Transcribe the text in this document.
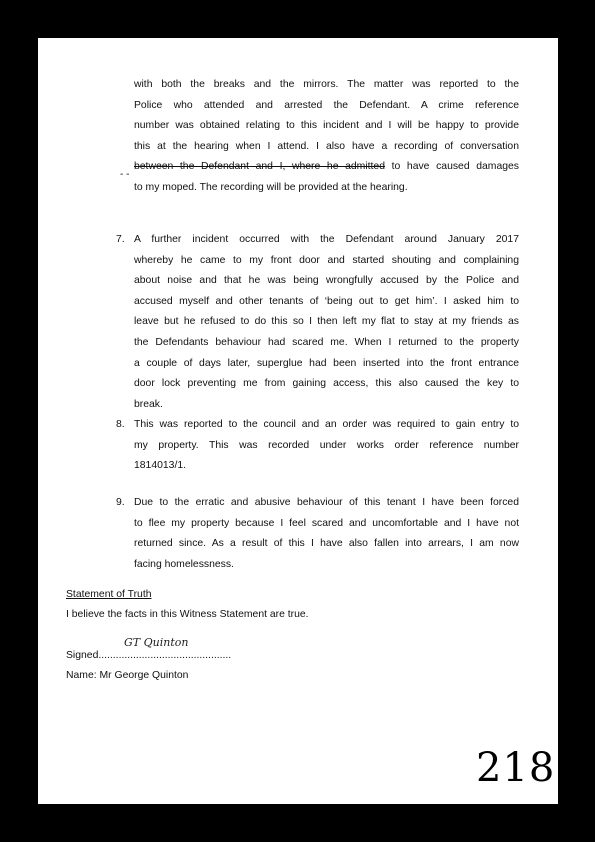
with both the breaks and the mirrors. The matter was reported to the
Police who attended and arrested the Defendant. A crime reference
number was obtained relating to this incident and I will be happy to provide
this at the hearing when I attend. I also have a recording of conversation
between the Defendant and I, where he admitted to have caused damages
to my moped. The recording will be provided at the hearing.
- -
7. A further incident occurred with the Defendant around January 2017
whereby he came to my front door and started shouting and complaining
about noise and that he was being wrongfully accused by the Police and
accused myself and other tenants of ‘being out to get him’. I asked him to
leave but he refused to do this so I then left my flat to stay at my friends as
the Defendants behaviour had scared me. When I returned to the property
a couple of days later, superglue had been inserted into the front entrance
door lock preventing me from gaining access, this also caused the key to
break.
8. This was reported to the council and an order was required to gain entry to
my property. This was recorded under works order reference number
1814013/1.
9. Due to the erratic and abusive behaviour of this tenant I have been forced
to flee my property because I feel scared and uncomfortable and I have not
returned since. As a result of this I have also fallen into arrears, I am now
facing homelessness.
Statement of Truth
I believe the facts in this Witness Statement are true.
Signed..............................................
GT Quinton
Name: Mr George Quinton
218
